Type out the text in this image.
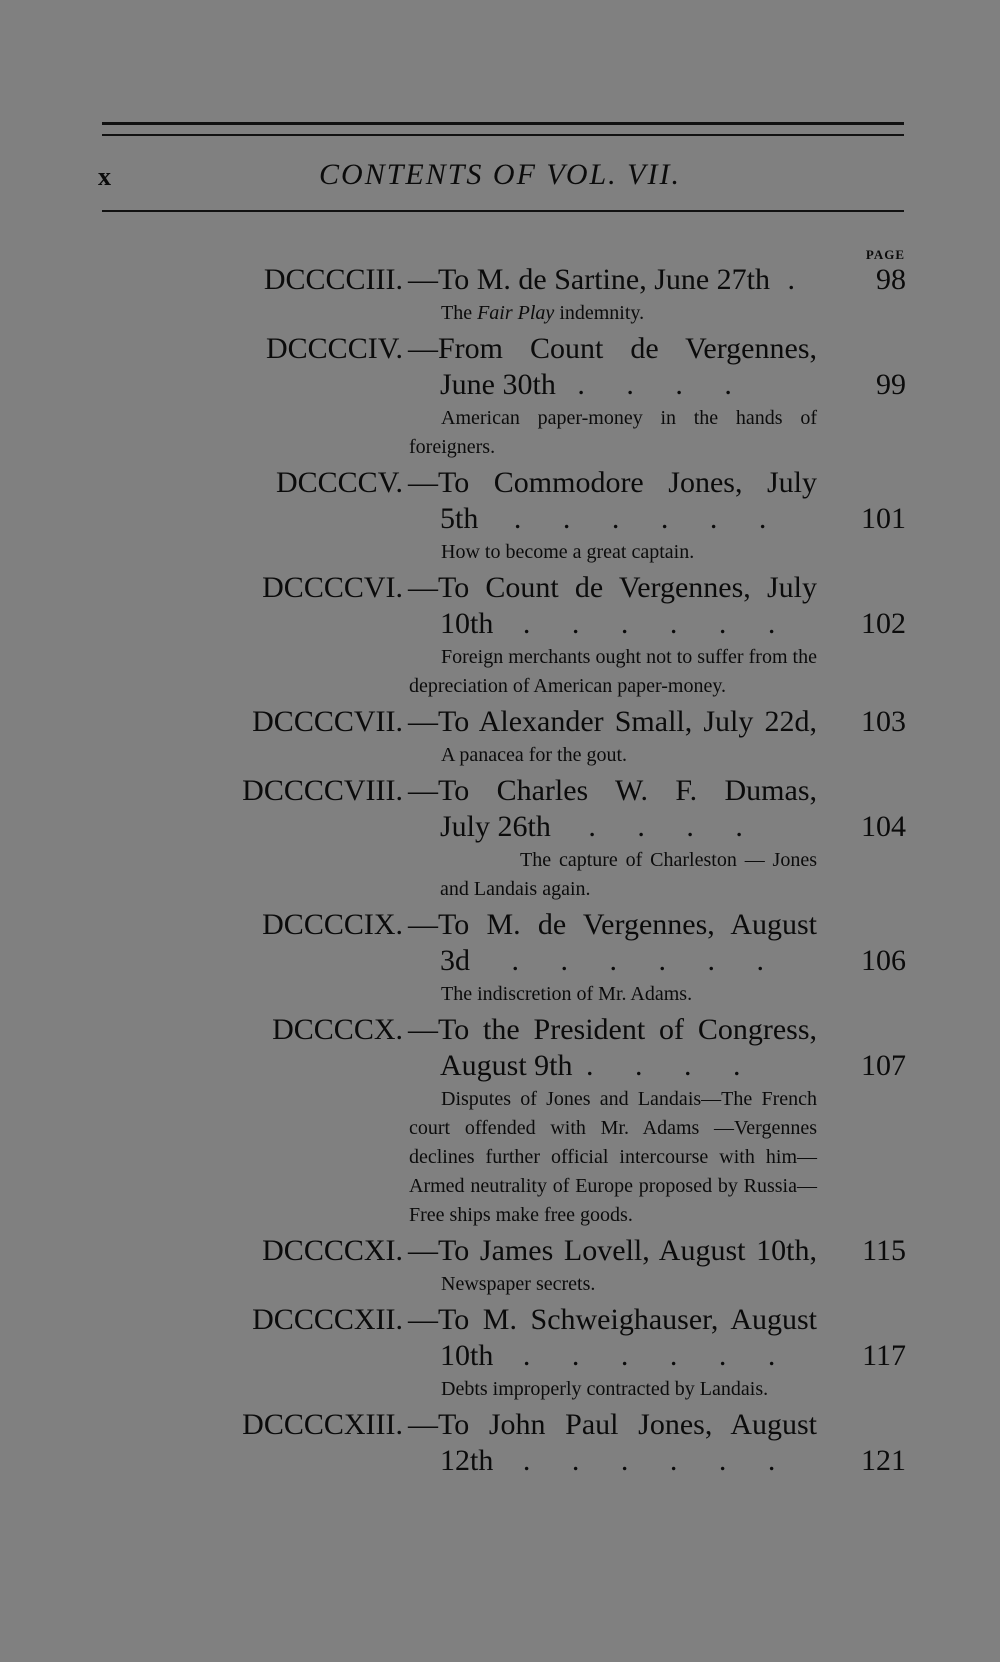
x	CONTENTS OF VOL. VII.
PAGE
DCCCCIII. —To M. de Sartine, June 27th .	98
The Fair Play indemnity.
DCCCCIV. —From Count de Vergennes,
June 30th . . . .	99
American paper-money in the hands of foreigners.
DCCCCV. —To Commodore Jones, July
5th . . . . . .	101
How to become a great captain.
DCCCCVI. —To Count de Vergennes, July
10th . . . . . .	102
Foreign merchants ought not to suffer from the depreciation of American paper-money.
DCCCCVII. —To Alexander Small, July 22d,	103
A panacea for the gout.
DCCCCVIII. —To Charles W. F. Dumas,
July 26th . . . .	104
The capture of Charleston — Jones and Landais again.
DCCCCIX. —To M. de Vergennes, August
3d . . . . . .	106
The indiscretion of Mr. Adams.
DCCCCX. —To the President of Congress,
August 9th . . . .	107
Disputes of Jones and Landais—The French court offended with Mr. Adams —Vergennes declines further official intercourse with him—Armed neutrality of Europe proposed by Russia—Free ships make free goods.
DCCCCXI. —To James Lovell, August 10th,	115
Newspaper secrets.
DCCCCXII. —To M. Schweighauser, August
10th . . . . . .	117
Debts improperly contracted by Landais.
DCCCCXIII. —To John Paul Jones, August
12th . . . . . .	121
